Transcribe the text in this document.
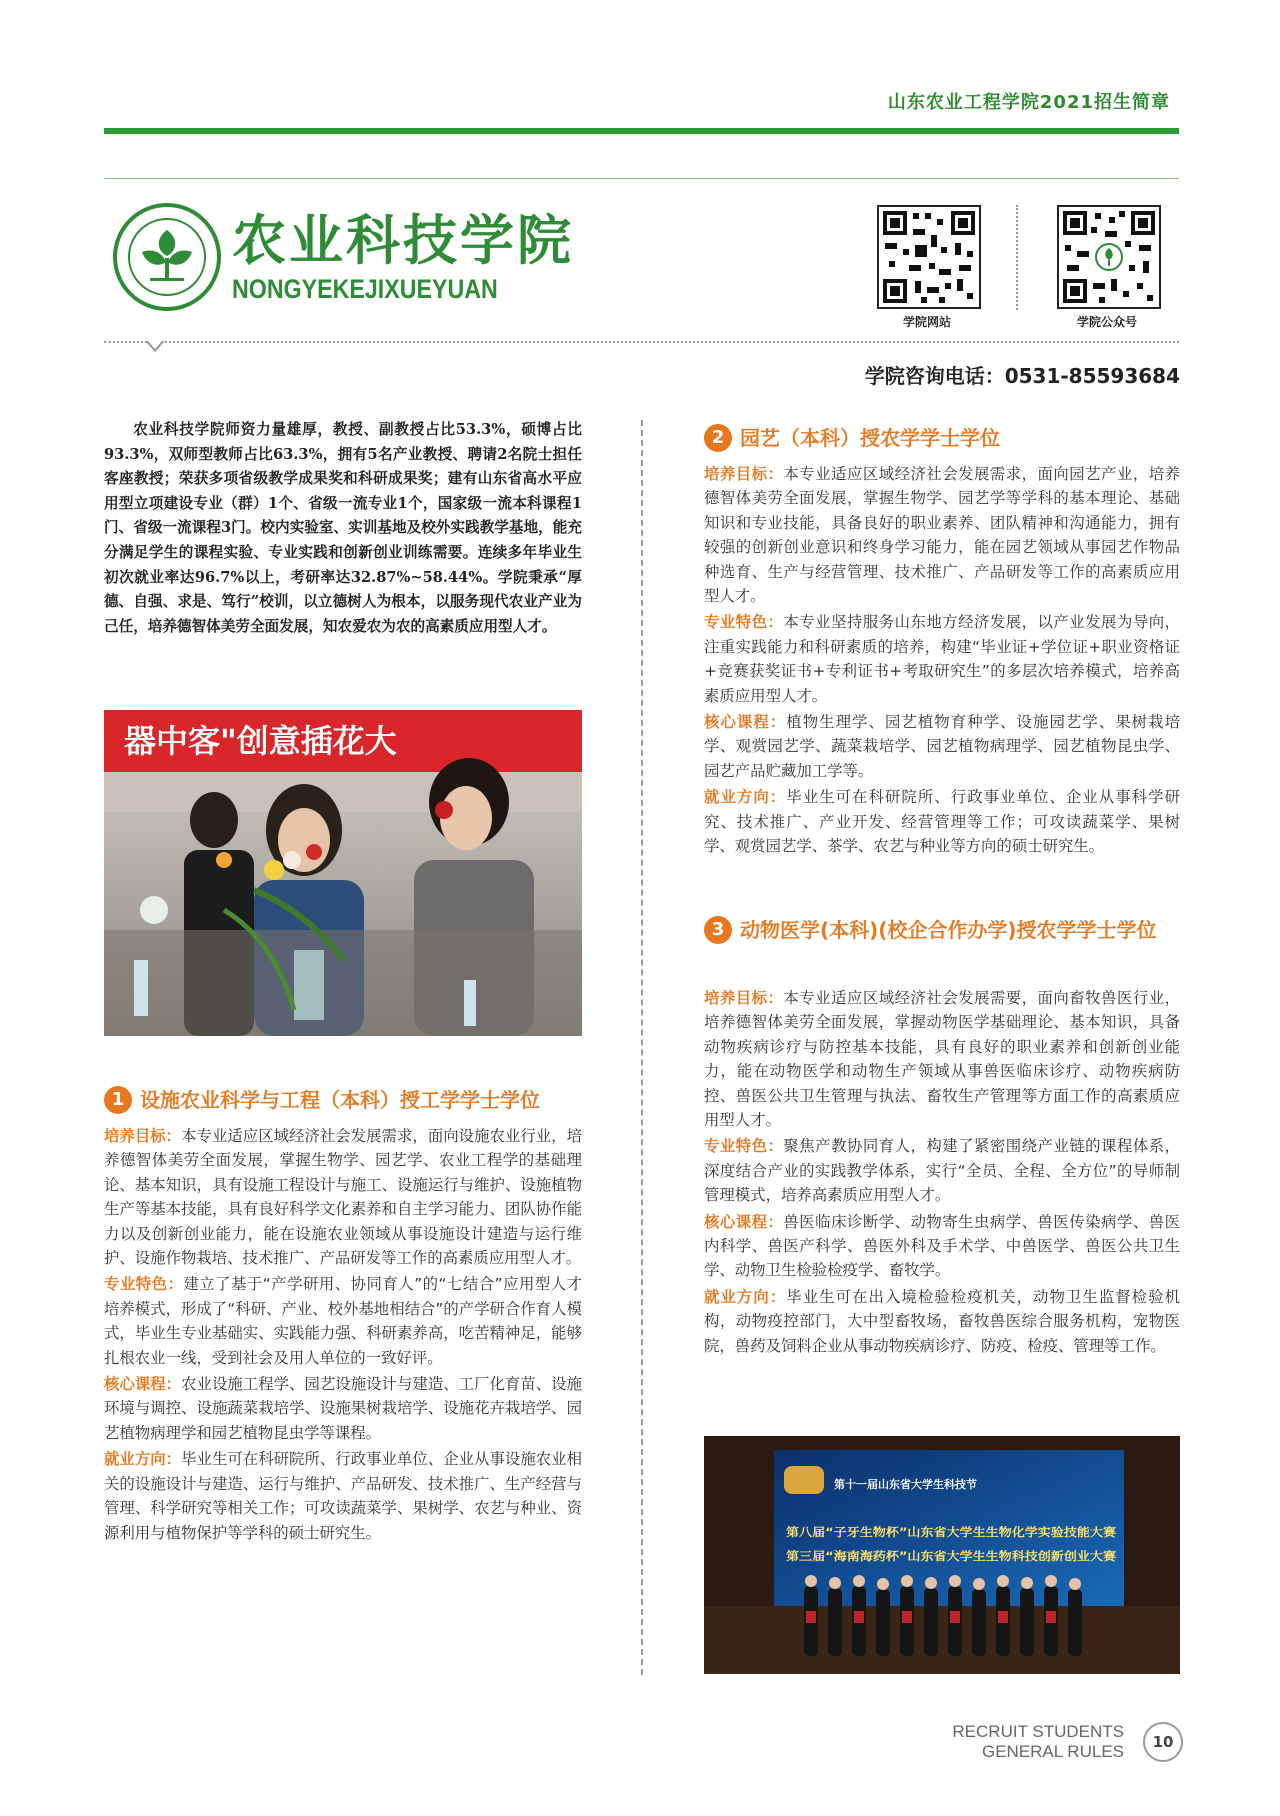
山东农业工程学院2021招生简章
农业科技学院
NONGYEKEJIXUEYUAN
学院网站	学院公众号
学院咨询电话：0531-85593684
农业科技学院师资力量雄厚，教授、副教授占比53.3%，硕博占比93.3%，双师型教师占比63.3%，拥有5名产业教授、聘请2名院士担任客座教授；荣获多项省级教学成果奖和科研成果奖；建有山东省高水平应用型立项建设专业（群）1个、省级一流专业1个，国家级一流本科课程1门、省级一流课程3门。校内实验室、实训基地及校外实践教学基地，能充分满足学生的课程实验、专业实践和创新创业训练需要。连续多年毕业生初次就业率达96.7%以上，考研率达32.87%~58.44%。学院秉承“厚德、自强、求是、笃行”校训，以立德树人为根本，以服务现代农业产业为己任，培养德智体美劳全面发展，知农爱农为农的高素质应用型人才。
器中客"创意插花大
1 设施农业科学与工程（本科）授工学学士学位

培养目标：本专业适应区域经济社会发展需求，面向设施农业行业，培养德智体美劳全面发展，掌握生物学、园艺学、农业工程学的基础理论、基本知识，具有设施工程设计与施工、设施运行与维护、设施植物生产等基本技能，具有良好科学文化素养和自主学习能力、团队协作能力以及创新创业能力，能在设施农业领域从事设施设计建造与运行维护、设施作物栽培、技术推广、产品研发等工作的高素质应用型人才。

专业特色：建立了基于“产学研用、协同育人”的“七结合”应用型人才培养模式，形成了“科研、产业、校外基地相结合”的产学研合作育人模式，毕业生专业基础实、实践能力强、科研素养高，吃苦精神足，能够扎根农业一线，受到社会及用人单位的一致好评。

核心课程：农业设施工程学、园艺设施设计与建造、工厂化育苗、设施环境与调控、设施蔬菜栽培学、设施果树栽培学、设施花卉栽培学、园艺植物病理学和园艺植物昆虫学等课程。

就业方向：毕业生可在科研院所、行政事业单位、企业从事设施农业相关的设施设计与建造、运行与维护、产品研发、技术推广、生产经营与管理、科学研究等相关工作；可攻读蔬菜学、果树学、农艺与种业、资源利用与植物保护等学科的硕士研究生。

2 园艺（本科）授农学学士学位

培养目标：本专业适应区域经济社会发展需求，面向园艺产业，培养德智体美劳全面发展，掌握生物学、园艺学等学科的基本理论、基础知识和专业技能，具备良好的职业素养、团队精神和沟通能力，拥有较强的创新创业意识和终身学习能力，能在园艺领域从事园艺作物品种选育、生产与经营管理、技术推广、产品研发等工作的高素质应用型人才。

专业特色：本专业坚持服务山东地方经济发展，以产业发展为导向，注重实践能力和科研素质的培养，构建“毕业证+学位证+职业资格证+竞赛获奖证书+专利证书+考取研究生”的多层次培养模式，培养高素质应用型人才。

核心课程：植物生理学、园艺植物育种学、设施园艺学、果树栽培学、观赏园艺学、蔬菜栽培学、园艺植物病理学、园艺植物昆虫学、园艺产品贮藏加工学等。

就业方向：毕业生可在科研院所、行政事业单位、企业从事科学研究、技术推广、产业开发、经营管理等工作；可攻读蔬菜学、果树学、观赏园艺学、茶学、农艺与种业等方向的硕士研究生。

3 动物医学(本科)(校企合作办学)授农学学士学位

培养目标：本专业适应区域经济社会发展需要，面向畜牧兽医行业，培养德智体美劳全面发展，掌握动物医学基础理论、基本知识，具备动物疾病诊疗与防控基本技能，具有良好的职业素养和创新创业能力，能在动物医学和动物生产领域从事兽医临床诊疗、动物疾病防控、兽医公共卫生管理与执法、畜牧生产管理等方面工作的高素质应用型人才。

专业特色：聚焦产教协同育人，构建了紧密围绕产业链的课程体系，深度结合产业的实践教学体系，实行“全员、全程、全方位”的导师制管理模式，培养高素质应用型人才。

核心课程：兽医临床诊断学、动物寄生虫病学、兽医传染病学、兽医内科学、兽医产科学、兽医外科及手术学、中兽医学、兽医公共卫生学、动物卫生检验检疫学、畜牧学。

就业方向：毕业生可在出入境检验检疫机关，动物卫生监督检验机构，动物疫控部门，大中型畜牧场，畜牧兽医综合服务机构，宠物医院，兽药及饲料企业从事动物疾病诊疗、防疫、检疫、管理等工作。

第十一届山东省大学生科技节
第八届“子牙生物杯”山东省大学生生物化学实验技能大赛
第三届“海南海药杯”山东省大学生生物科技创新创业大赛
RECRUIT STUDENTS
GENERAL RULES	10
